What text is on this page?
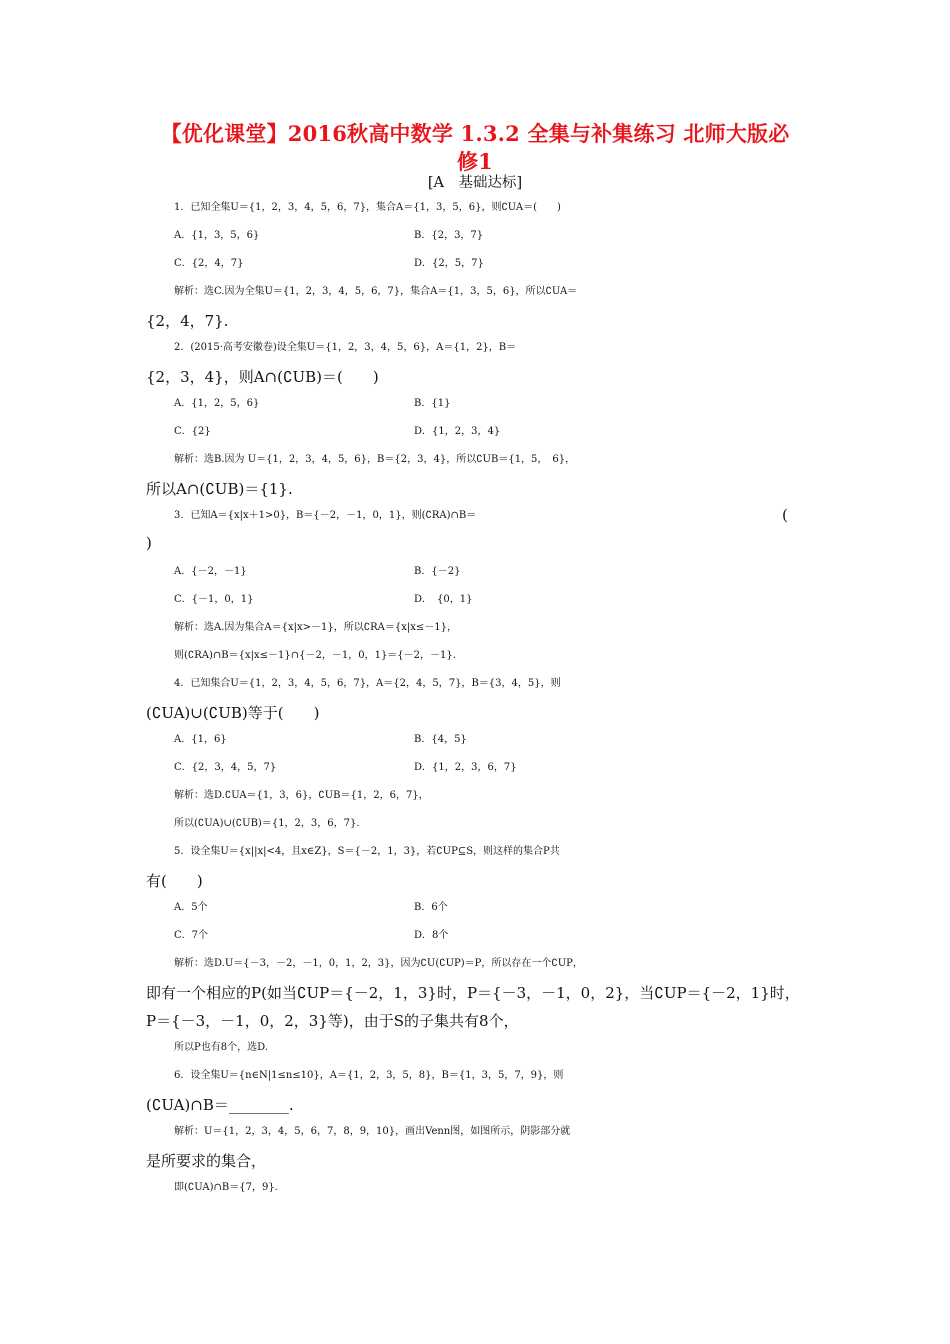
【优化课堂】2016秋高中数学 1.3.2 全集与补集练习 北师大版必
修1
[A　基础达标]
1．已知全集U＝{1，2，3，4，5，6，7}，集合A＝{1，3，5，6}，则∁UA＝(　　)
A．{1，3，5，6}	B．{2，3，7}
C．{2，4，7}	D．{2，5，7}
解析：选C.因为全集U＝{1，2，3，4，5，6，7}，集合A＝{1，3，5，6}，所以∁UA＝
{2，4，7}.
2．(2015·高考安徽卷)设全集U＝{1，2，3，4，5，6}，A＝{1，2}，B＝
{2，3，4}，则A∩(∁UB)＝(　　)
A．{1，2，5，6}	B．{1}
C．{2}	D．{1，2，3，4}
解析：选B.因为 U＝{1，2，3，4，5，6}，B＝{2，3，4}，所以∁UB＝{1，5，　6}，
所以A∩(∁UB)＝{1}.
3．已知A＝{x|x＋1>0}，B＝{－2，－1，0，1}，则(∁RA)∩B＝	(
)
A．{－2，－1}	B．{－2}
C．{－1，0，1}	D．　{0，1}
解析：选A.因为集合A＝{x|x>－1}，所以∁RA＝{x|x≤－1}，
则(∁RA)∩B＝{x|x≤－1}∩{－2，－1，0，1}＝{－2，－1}.
4．已知集合U＝{1，2，3，4，5，6，7}，A＝{2，4，5，7}，B＝{3，4，5}，则
(∁UA)∪(∁UB)等于(　　)
A．{1，6}	B．{4，5}
C．{2，3，4，5，7}	D．{1，2，3，6，7}
解析：选D.∁UA＝{1，3，6}，∁UB＝{1，2，6，7}，
所以(∁UA)∪(∁UB)＝{1，2，3，6，7}.
5．设全集U＝{x||x|<4，且x∈Z}，S＝{－2，1，3}，若∁UP⊆S，则这样的集合P共
有(　　)
A．5个	B．6个
C．7个	D．8个
解析：选D.U＝{－3，－2，－1，0，1，2，3}，因为∁U(∁UP)＝P，所以存在一个∁UP，
即有一个相应的P(如当∁UP＝{－2，1，3}时，P＝{－3，－1，0，2}，当∁UP＝{－2，1}时，
P＝{－3，－1，0，2，3}等)，由于S的子集共有8个，
所以P也有8个，选D.
6．设全集U＝{n∈N|1≤n≤10}，A＝{1，2，3，5，8}，B＝{1，3，5，7，9}，则
(∁UA)∩B＝________.
解析：U＝{1，2，3，4，5，6，7，8，9，10}，画出Venn图，如图所示，阴影部分就
是所要求的集合，
即(∁UA)∩B＝{7，9}.
